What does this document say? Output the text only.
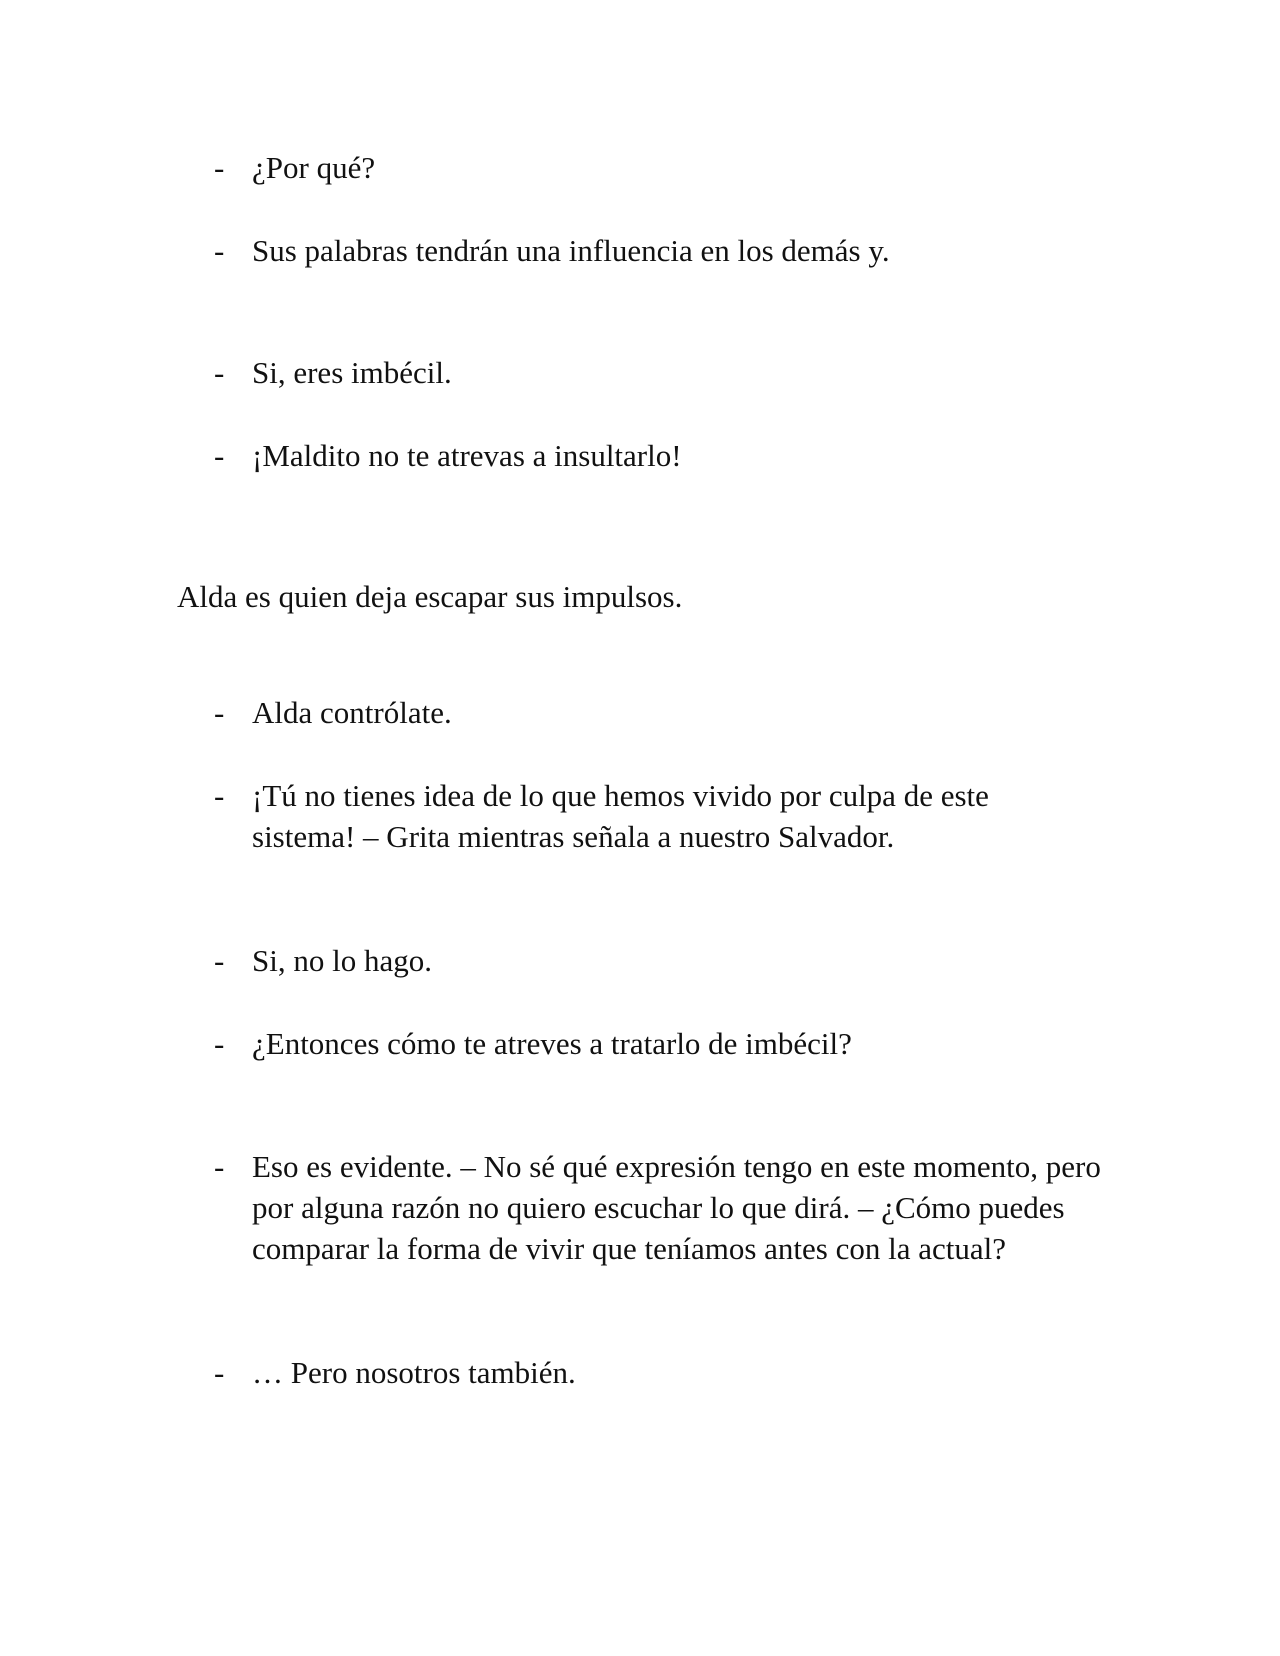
- ¿Por qué?
- Sus palabras tendrán una influencia en los demás y.
- Si, eres imbécil.
- ¡Maldito no te atrevas a insultarlo!
Alda es quien deja escapar sus impulsos.
- Alda contrólate.
- ¡Tú no tienes idea de lo que hemos vivido por culpa de este sistema! – Grita mientras señala a nuestro Salvador.
- Si, no lo hago.
- ¿Entonces cómo te atreves a tratarlo de imbécil?
- Eso es evidente. – No sé qué expresión tengo en este momento, pero por alguna razón no quiero escuchar lo que dirá. – ¿Cómo puedes comparar la forma de vivir que teníamos antes con la actual?
- … Pero nosotros también.
